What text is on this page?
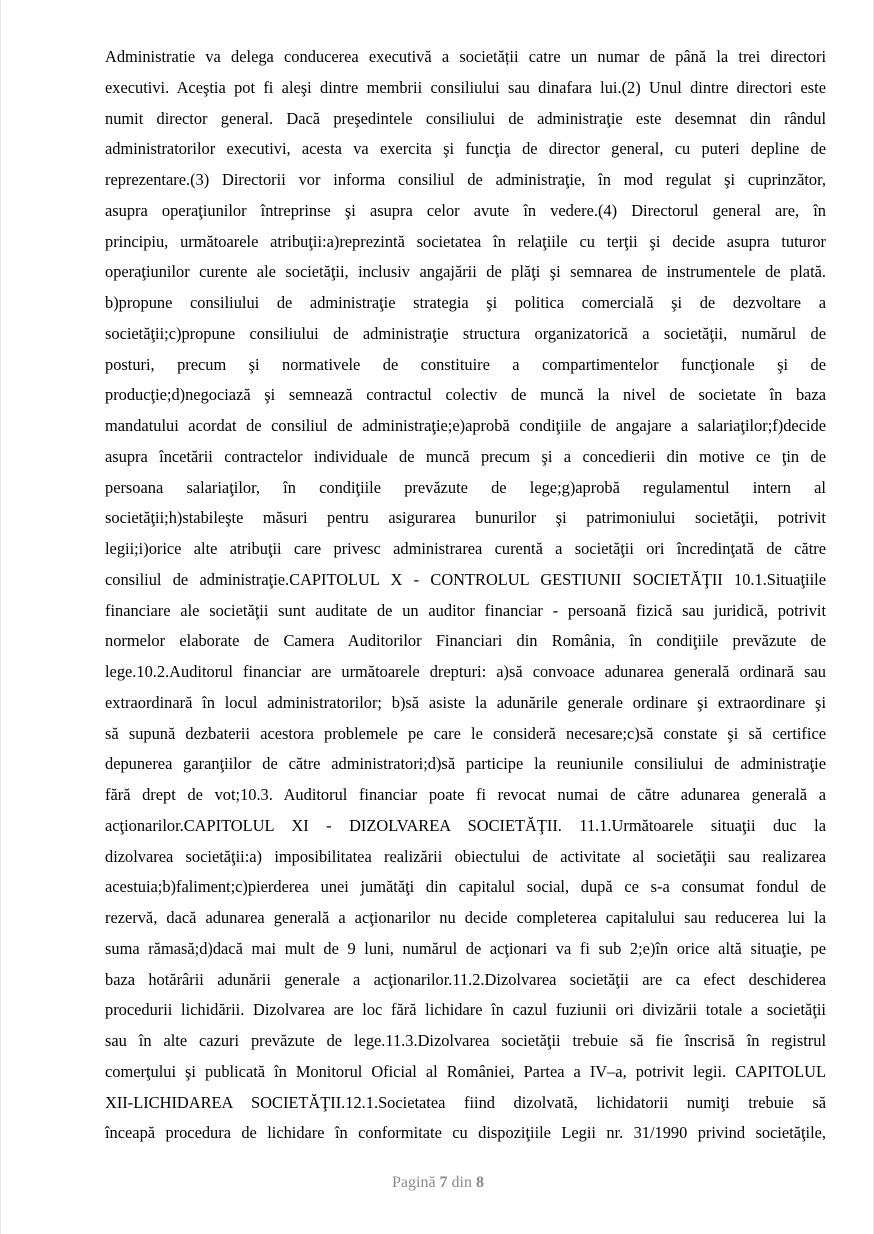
Administratie va delega conducerea executivă a societății catre un numar de până la trei directori
executivi. Aceştia pot fi aleşi dintre membrii consiliului sau dinafara lui.(2) Unul dintre directori este
numit director general. Dacă preşedintele consiliului de administraţie este desemnat din rândul
administratorilor executivi, acesta va exercita şi funcţia de director general, cu puteri depline de
reprezentare.(3) Directorii vor informa consiliul de administraţie, în mod regulat şi cuprinzător,
asupra operaţiunilor întreprinse şi asupra celor avute în vedere.(4) Directorul general are, în
principiu, următoarele atribuţii:a)reprezintă societatea în relaţiile cu terţii şi decide asupra tuturor
operaţiunilor curente ale societăţii, inclusiv angajării de plăţi şi semnarea de instrumentele de plată.
b)propune consiliului de administraţie strategia şi politica comercială şi de dezvoltare a
societăţii;c)propune consiliului de administraţie structura organizatorică a societăţii, numărul de
posturi, precum şi normativele de constituire a compartimentelor funcţionale şi de
producţie;d)negociază şi semnează contractul colectiv de muncă la nivel de societate în baza
mandatului acordat de consiliul de administraţie;e)aprobă condiţiile de angajare a salariaţilor;f)decide
asupra încetării contractelor individuale de muncă precum şi a concedierii din motive ce ţin de
persoana salariaţilor, în condiţiile prevăzute de lege;g)aprobă regulamentul intern al
societăţii;h)stabileşte măsuri pentru asigurarea bunurilor şi patrimoniului societăţii, potrivit
legii;i)orice alte atribuţii care privesc administrarea curentă a societăţii ori încredinţată de către
consiliul de administraţie.CAPITOLUL X - CONTROLUL GESTIUNII SOCIETĂŢII 10.1.Situaţiile
financiare ale societăţii sunt auditate de un auditor financiar - persoană fizică sau juridică, potrivit
normelor elaborate de Camera Auditorilor Financiari din România, în condiţiile prevăzute de
lege.10.2.Auditorul financiar are următoarele drepturi: a)să convoace adunarea generală ordinară sau
extraordinară în locul administratorilor; b)să asiste la adunările generale ordinare şi extraordinare şi
să supună dezbaterii acestora problemele pe care le consideră necesare;c)să constate şi să certifice
depunerea garanţiilor de către administratori;d)să participe la reuniunile consiliului de administraţie
fără drept de vot;10.3. Auditorul financiar poate fi revocat numai de către adunarea generală a
acţionarilor.CAPITOLUL XI - DIZOLVAREA SOCIETĂŢII. 11.1.Următoarele situaţii duc la
dizolvarea societăţii:a) imposibilitatea realizării obiectului de activitate al societăţii sau realizarea
acestuia;b)faliment;c)pierderea unei jumătăţi din capitalul social, după ce s-a consumat fondul de
rezervă, dacă adunarea generală a acţionarilor nu decide completerea capitalului sau reducerea lui la
suma rămasă;d)dacă mai mult de 9 luni, numărul de acţionari va fi sub 2;e)în orice altă situaţie, pe
baza hotărârii adunării generale a acţionarilor.11.2.Dizolvarea societăţii are ca efect deschiderea
procedurii lichidării. Dizolvarea are loc fără lichidare în cazul fuziunii ori divizării totale a societăţii
sau în alte cazuri prevăzute de lege.11.3.Dizolvarea societăţii trebuie să fie înscrisă în registrul
comerţului şi publicată în Monitorul Oficial al României, Partea a IV–a, potrivit legii. CAPITOLUL
XII-LICHIDAREA SOCIETĂŢII.12.1.Societatea fiind dizolvată, lichidatorii numiţi trebuie să
înceapă procedura de lichidare în conformitate cu dispoziţiile Legii nr. 31/1990 privind societăţile,
Pagină 7 din 8
